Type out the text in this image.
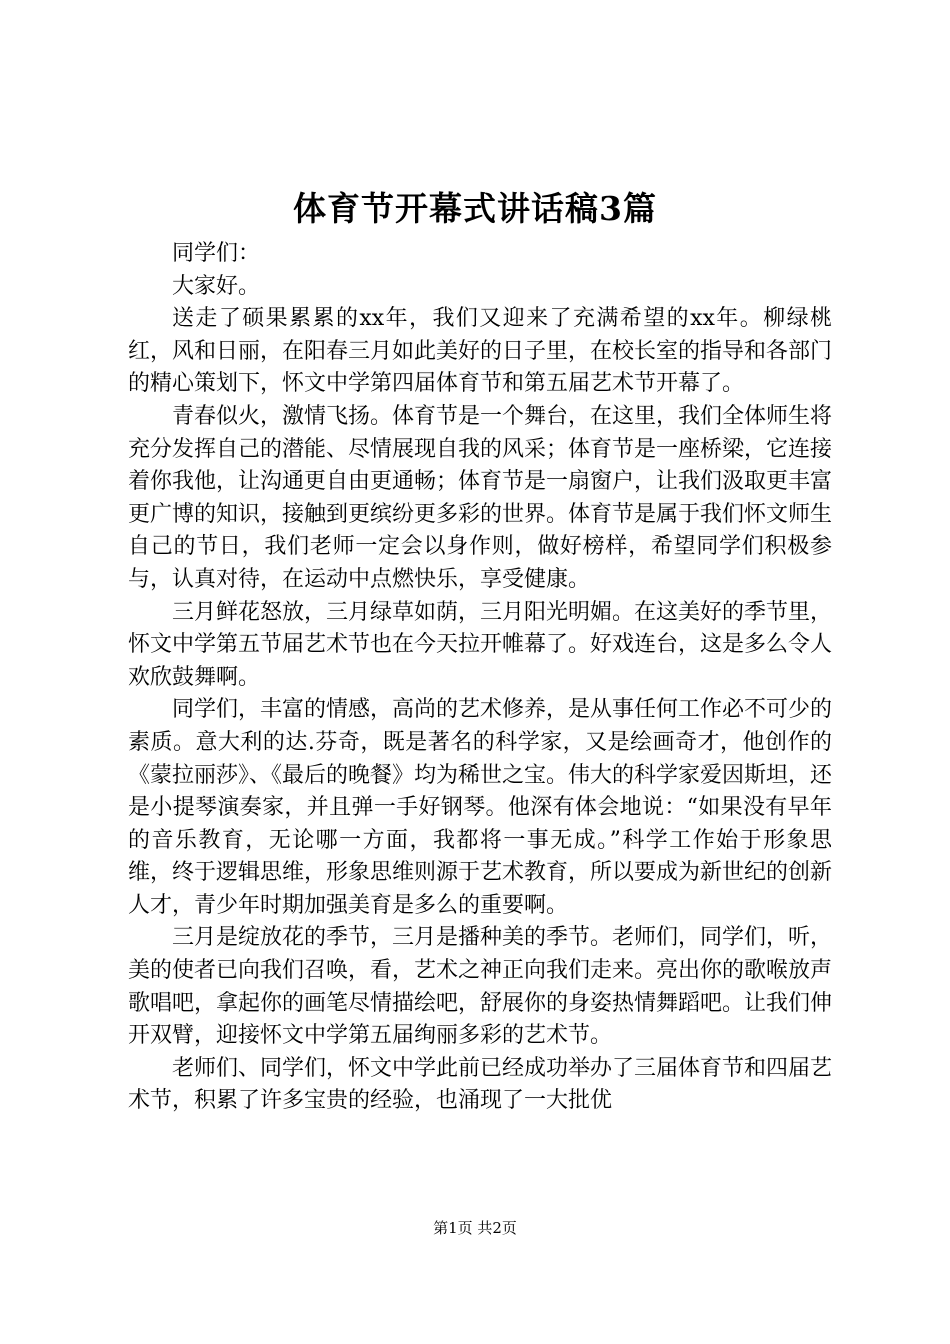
体育节开幕式讲话稿3篇

同学们：

大家好。

送走了硕果累累的xx年，我们又迎来了充满希望的xx年。柳绿桃红，风和日丽，在阳春三月如此美好的日子里，在校长室的指导和各部门的精心策划下，怀文中学第四届体育节和第五届艺术节开幕了。

青春似火，激情飞扬。体育节是一个舞台，在这里，我们全体师生将充分发挥自己的潜能、尽情展现自我的风采；体育节是一座桥梁，它连接着你我他，让沟通更自由更通畅；体育节是一扇窗户，让我们汲取更丰富更广博的知识，接触到更缤纷更多彩的世界。体育节是属于我们怀文师生自己的节日，我们老师一定会以身作则，做好榜样，希望同学们积极参与，认真对待，在运动中点燃快乐，享受健康。

三月鲜花怒放，三月绿草如荫，三月阳光明媚。在这美好的季节里，怀文中学第五节届艺术节也在今天拉开帷幕了。好戏连台，这是多么令人欢欣鼓舞啊。

同学们，丰富的情感，高尚的艺术修养，是从事任何工作必不可少的素质。意大利的达.芬奇，既是著名的科学家，又是绘画奇才，他创作的《蒙拉丽莎》、《最后的晚餐》均为稀世之宝。伟大的科学家爱因斯坦，还是小提琴演奏家，并且弹一手好钢琴。他深有体会地说：“如果没有早年的音乐教育，无论哪一方面，我都将一事无成。”科学工作始于形象思维，终于逻辑思维，形象思维则源于艺术教育，所以要成为新世纪的创新人才，青少年时期加强美育是多么的重要啊。

三月是绽放花的季节，三月是播种美的季节。老师们，同学们，听，美的使者已向我们召唤，看，艺术之神正向我们走来。亮出你的歌喉放声歌唱吧，拿起你的画笔尽情描绘吧，舒展你的身姿热情舞蹈吧。让我们伸开双臂，迎接怀文中学第五届绚丽多彩的艺术节。

老师们、同学们，怀文中学此前已经成功举办了三届体育节和四届艺术节，积累了许多宝贵的经验，也涌现了一大批优

第1页 共2页
